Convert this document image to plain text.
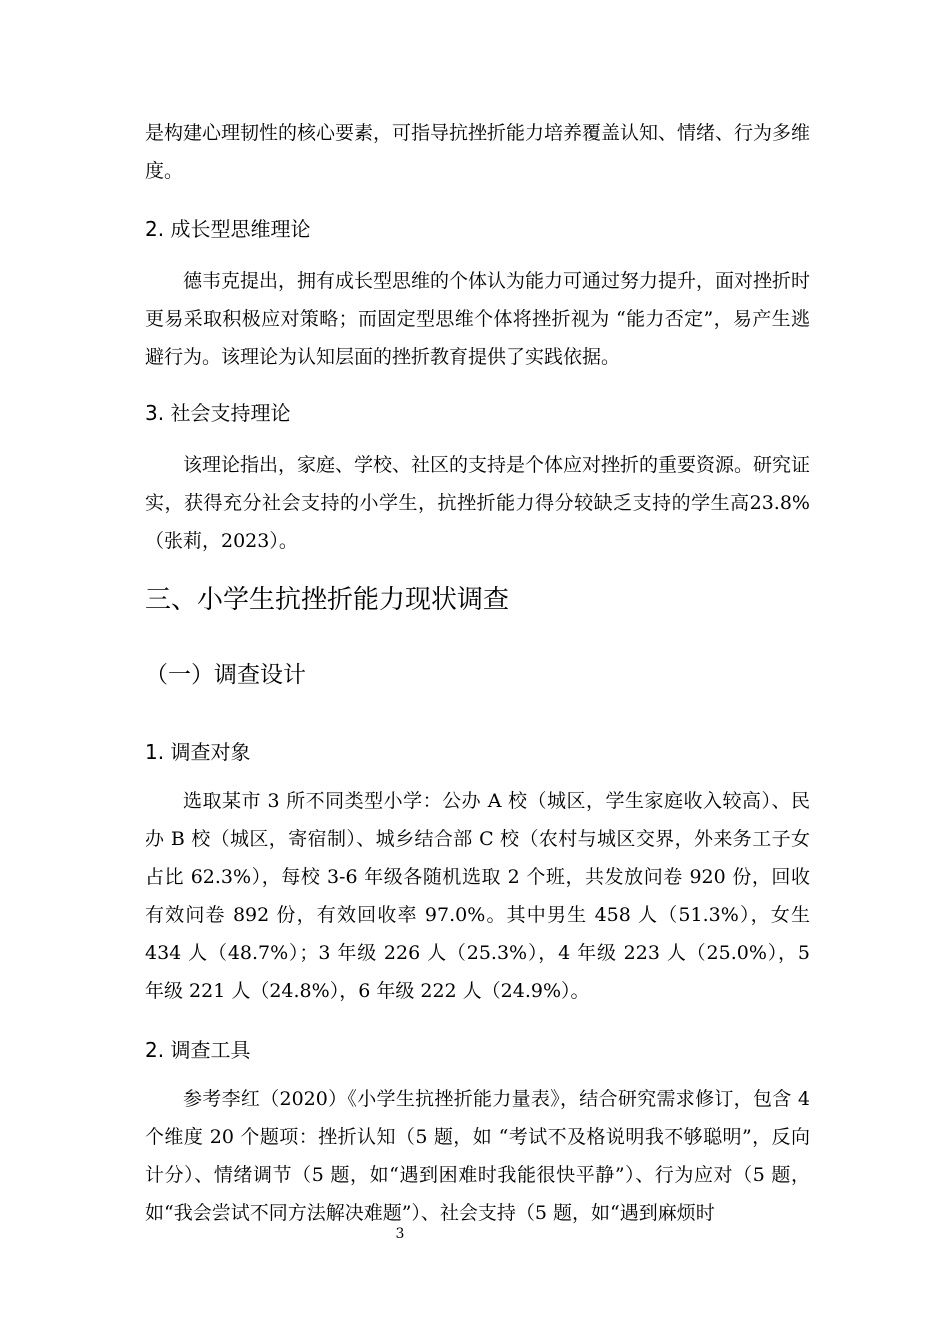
是构建心理韧性的核心要素，可指导抗挫折能力培养覆盖认知、情绪、行为多维度。

2. 成长型思维理论

德韦克提出，拥有成长型思维的个体认为能力可通过努力提升，面对挫折时更易采取积极应对策略；而固定型思维个体将挫折视为 “能力否定”，易产生逃避行为。该理论为认知层面的挫折教育提供了实践依据。

3. 社会支持理论

该理论指出，家庭、学校、社区的支持是个体应对挫折的重要资源。研究证实，获得充分社会支持的小学生，抗挫折能力得分较缺乏支持的学生高23.8%（张莉，2023）。

三、小学生抗挫折能力现状调查
（一）调查设计
1. 调查对象

选取某市 3 所不同类型小学：公办 A 校（城区，学生家庭收入较高）、民办 B 校（城区，寄宿制）、城乡结合部 C 校（农村与城区交界，外来务工子女占比 62.3%），每校 3-6 年级各随机选取 2 个班，共发放问卷 920 份，回收有效问卷 892 份，有效回收率 97.0%。其中男生 458 人（51.3%），女生 434 人（48.7%）；3 年级 226 人（25.3%），4 年级 223 人（25.0%），5 年级 221 人（24.8%），6 年级 222 人（24.9%）。

2. 调查工具

参考李红（2020）《小学生抗挫折能力量表》，结合研究需求修订，包含 4 个维度 20 个题项：挫折认知（5 题，如 “考试不及格说明我不够聪明”，反向计分）、情绪调节（5 题，如“遇到困难时我能很快平静”）、行为应对（5 题，如“我会尝试不同方法解决难题”）、社会支持（5 题，如“遇到麻烦时

3
